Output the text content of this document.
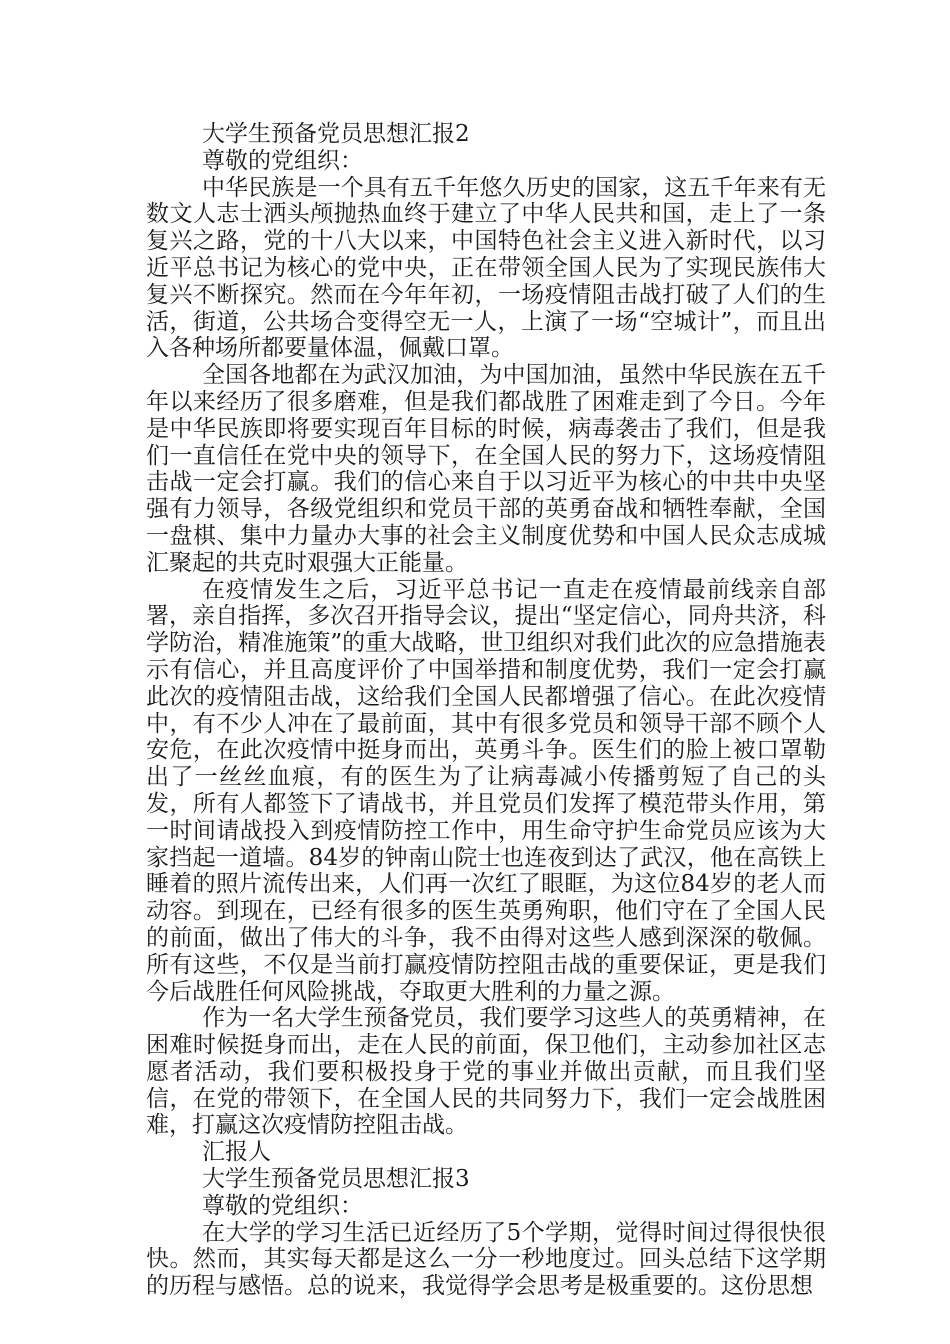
大学生预备党员思想汇报2

尊敬的党组织：

中华民族是一个具有五千年悠久历史的国家，这五千年来有无数文人志士洒头颅抛热血终于建立了中华人民共和国，走上了一条复兴之路，党的十八大以来，中国特色社会主义进入新时代，以习近平总书记为核心的党中央，正在带领全国人民为了实现民族伟大复兴不断探究。然而在今年年初，一场疫情阻击战打破了人们的生活，街道，公共场合变得空无一人，上演了一场“空城计”，而且出入各种场所都要量体温，佩戴口罩。

全国各地都在为武汉加油，为中国加油，虽然中华民族在五千年以来经历了很多磨难，但是我们都战胜了困难走到了今日。今年是中华民族即将要实现百年目标的时候，病毒袭击了我们，但是我们一直信任在党中央的领导下，在全国人民的努力下，这场疫情阻击战一定会打赢。我们的信心来自于以习近平为核心的中共中央坚强有力领导，各级党组织和党员干部的英勇奋战和牺牲奉献，全国一盘棋、集中力量办大事的社会主义制度优势和中国人民众志成城汇聚起的共克时艰强大正能量。

在疫情发生之后，习近平总书记一直走在疫情最前线亲自部署，亲自指挥，多次召开指导会议，提出“坚定信心，同舟共济，科学防治，精准施策”的重大战略，世卫组织对我们此次的应急措施表示有信心，并且高度评价了中国举措和制度优势，我们一定会打赢此次的疫情阻击战，这给我们全国人民都增强了信心。在此次疫情中，有不少人冲在了最前面，其中有很多党员和领导干部不顾个人安危，在此次疫情中挺身而出，英勇斗争。医生们的脸上被口罩勒出了一丝丝血痕，有的医生为了让病毒减小传播剪短了自己的头发，所有人都签下了请战书，并且党员们发挥了模范带头作用，第一时间请战投入到疫情防控工作中，用生命守护生命党员应该为大家挡起一道墙。84岁的钟南山院士也连夜到达了武汉，他在高铁上睡着的照片流传出来，人们再一次红了眼眶，为这位84岁的老人而动容。到现在，已经有很多的医生英勇殉职，他们守在了全国人民的前面，做出了伟大的斗争，我不由得对这些人感到深深的敬佩。所有这些，不仅是当前打赢疫情防控阻击战的重要保证，更是我们今后战胜任何风险挑战，夺取更大胜利的力量之源。

作为一名大学生预备党员，我们要学习这些人的英勇精神，在困难时候挺身而出，走在人民的前面，保卫他们，主动参加社区志愿者活动，我们要积极投身于党的事业并做出贡献，而且我们坚信，在党的带领下，在全国人民的共同努力下，我们一定会战胜困难，打赢这次疫情防控阻击战。

汇报人

大学生预备党员思想汇报3

尊敬的党组织：

在大学的学习生活已近经历了5个学期，觉得时间过得很快很快。然而，其实每天都是这么一分一秒地度过。回头总结下这学期的历程与感悟。总的说来，我觉得学会思考是极重要的。这份思想
